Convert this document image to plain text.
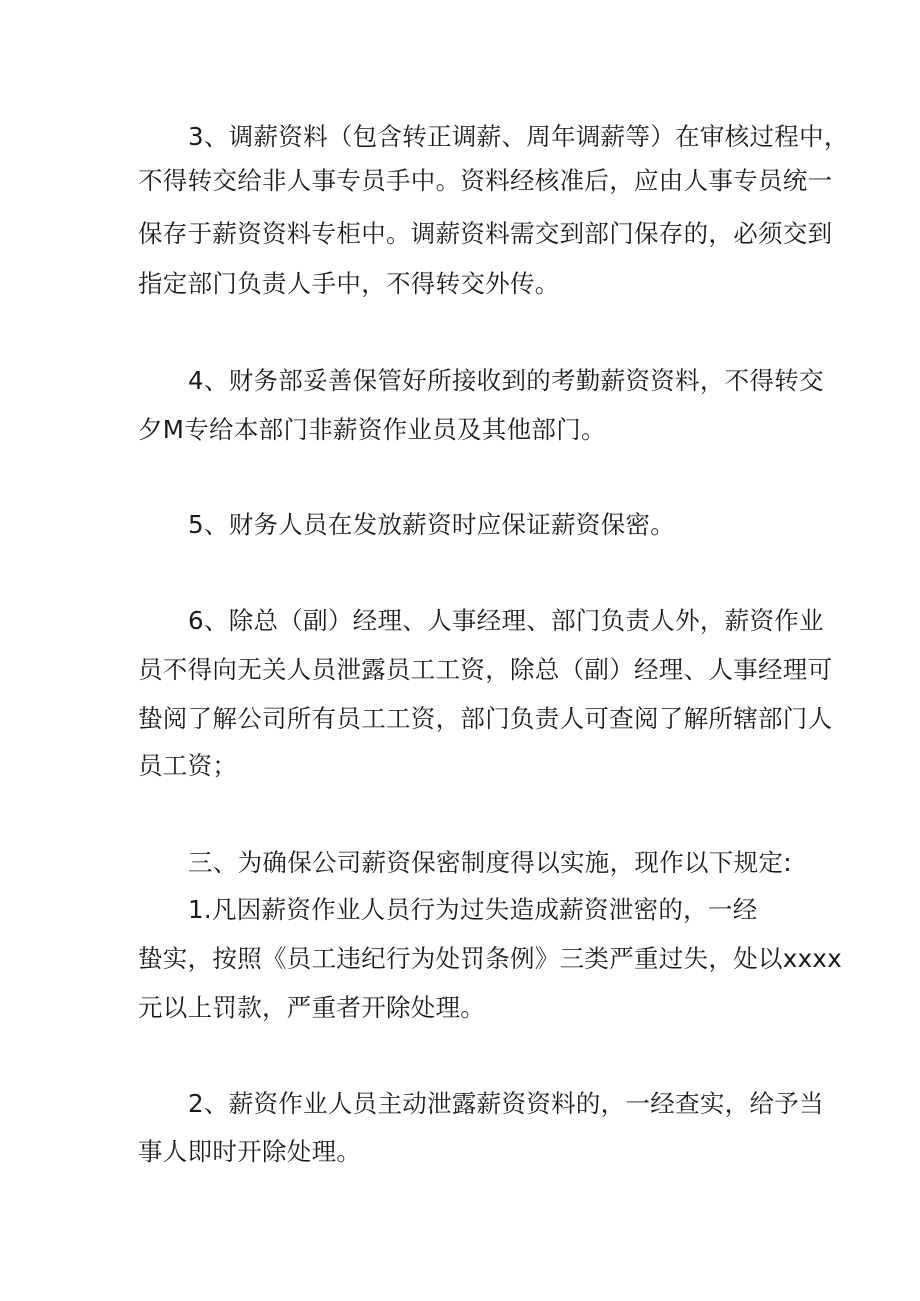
3、调薪资料（包含转正调薪、周年调薪等）在审核过程中，
不得转交给非人事专员手中。资料经核准后，应由人事专员统一
保存于薪资资料专柜中。调薪资料需交到部门保存的，必须交到
指定部门负责人手中，不得转交外传。
4、财务部妥善保管好所接收到的考勤薪资资料，不得转交
夕M专给本部门非薪资作业员及其他部门。
5、财务人员在发放薪资时应保证薪资保密。
6、除总（副）经理、人事经理、部门负责人外，薪资作业
员不得向无关人员泄露员工工资，除总（副）经理、人事经理可
蛰阅了解公司所有员工工资，部门负责人可查阅了解所辖部门人
员工资；
三、为确保公司薪资保密制度得以实施，现作以下规定:
1.凡因薪资作业人员行为过失造成薪资泄密的，一经
蛰实，按照《员工违纪行为处罚条例》三类严重过失，处以xxxx
元以上罚款，严重者开除处理。
2、薪资作业人员主动泄露薪资资料的，一经查实，给予当
事人即时开除处理。
